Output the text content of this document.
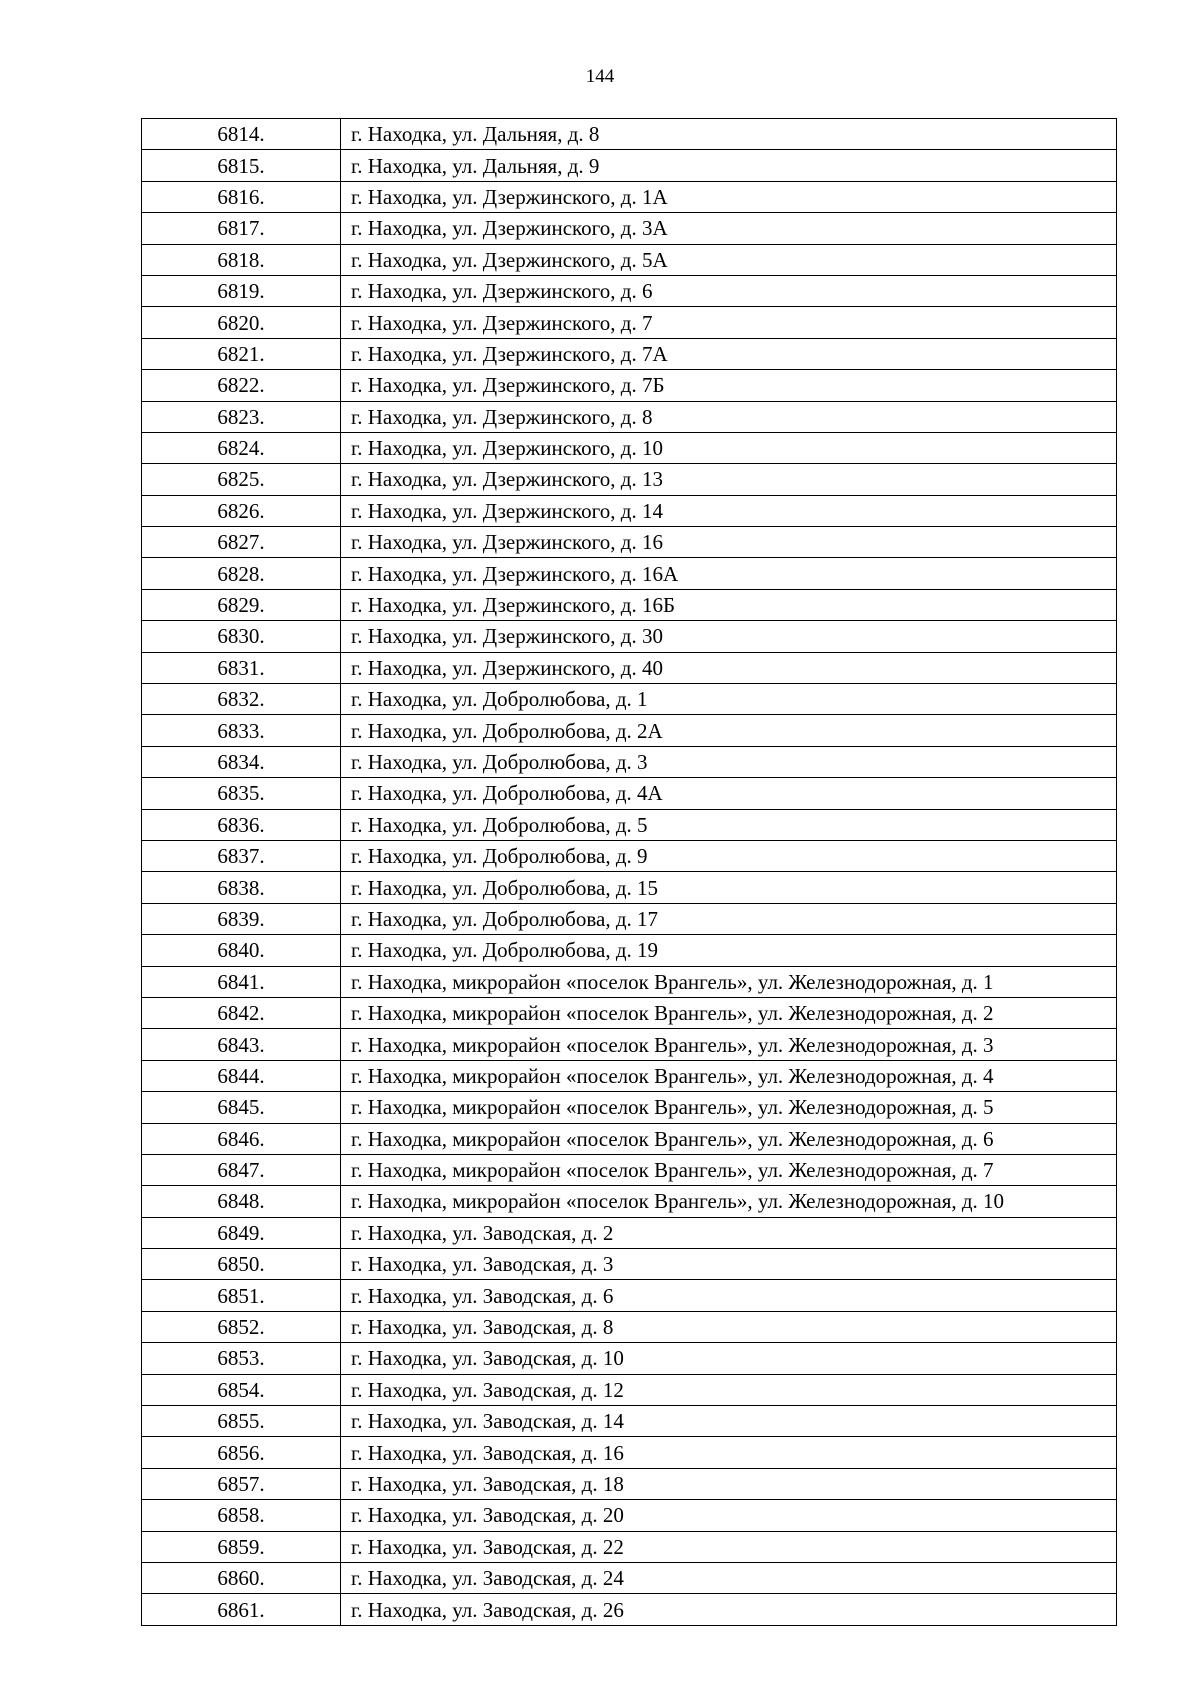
144
6814.	г. Находка, ул. Дальняя, д. 8
6815.	г. Находка, ул. Дальняя, д. 9
6816.	г. Находка, ул. Дзержинского, д. 1А
6817.	г. Находка, ул. Дзержинского, д. 3А
6818.	г. Находка, ул. Дзержинского, д. 5А
6819.	г. Находка, ул. Дзержинского, д. 6
6820.	г. Находка, ул. Дзержинского, д. 7
6821.	г. Находка, ул. Дзержинского, д. 7А
6822.	г. Находка, ул. Дзержинского, д. 7Б
6823.	г. Находка, ул. Дзержинского, д. 8
6824.	г. Находка, ул. Дзержинского, д. 10
6825.	г. Находка, ул. Дзержинского, д. 13
6826.	г. Находка, ул. Дзержинского, д. 14
6827.	г. Находка, ул. Дзержинского, д. 16
6828.	г. Находка, ул. Дзержинского, д. 16А
6829.	г. Находка, ул. Дзержинского, д. 16Б
6830.	г. Находка, ул. Дзержинского, д. 30
6831.	г. Находка, ул. Дзержинского, д. 40
6832.	г. Находка, ул. Добролюбова, д. 1
6833.	г. Находка, ул. Добролюбова, д. 2А
6834.	г. Находка, ул. Добролюбова, д. 3
6835.	г. Находка, ул. Добролюбова, д. 4А
6836.	г. Находка, ул. Добролюбова, д. 5
6837.	г. Находка, ул. Добролюбова, д. 9
6838.	г. Находка, ул. Добролюбова, д. 15
6839.	г. Находка, ул. Добролюбова, д. 17
6840.	г. Находка, ул. Добролюбова, д. 19
6841.	г. Находка, микрорайон «поселок Врангель», ул. Железнодорожная, д. 1
6842.	г. Находка, микрорайон «поселок Врангель», ул. Железнодорожная, д. 2
6843.	г. Находка, микрорайон «поселок Врангель», ул. Железнодорожная, д. 3
6844.	г. Находка, микрорайон «поселок Врангель», ул. Железнодорожная, д. 4
6845.	г. Находка, микрорайон «поселок Врангель», ул. Железнодорожная, д. 5
6846.	г. Находка, микрорайон «поселок Врангель», ул. Железнодорожная, д. 6
6847.	г. Находка, микрорайон «поселок Врангель», ул. Железнодорожная, д. 7
6848.	г. Находка, микрорайон «поселок Врангель», ул. Железнодорожная, д. 10
6849.	г. Находка, ул. Заводская, д. 2
6850.	г. Находка, ул. Заводская, д. 3
6851.	г. Находка, ул. Заводская, д. 6
6852.	г. Находка, ул. Заводская, д. 8
6853.	г. Находка, ул. Заводская, д. 10
6854.	г. Находка, ул. Заводская, д. 12
6855.	г. Находка, ул. Заводская, д. 14
6856.	г. Находка, ул. Заводская, д. 16
6857.	г. Находка, ул. Заводская, д. 18
6858.	г. Находка, ул. Заводская, д. 20
6859.	г. Находка, ул. Заводская, д. 22
6860.	г. Находка, ул. Заводская, д. 24
6861.	г. Находка, ул. Заводская, д. 26
